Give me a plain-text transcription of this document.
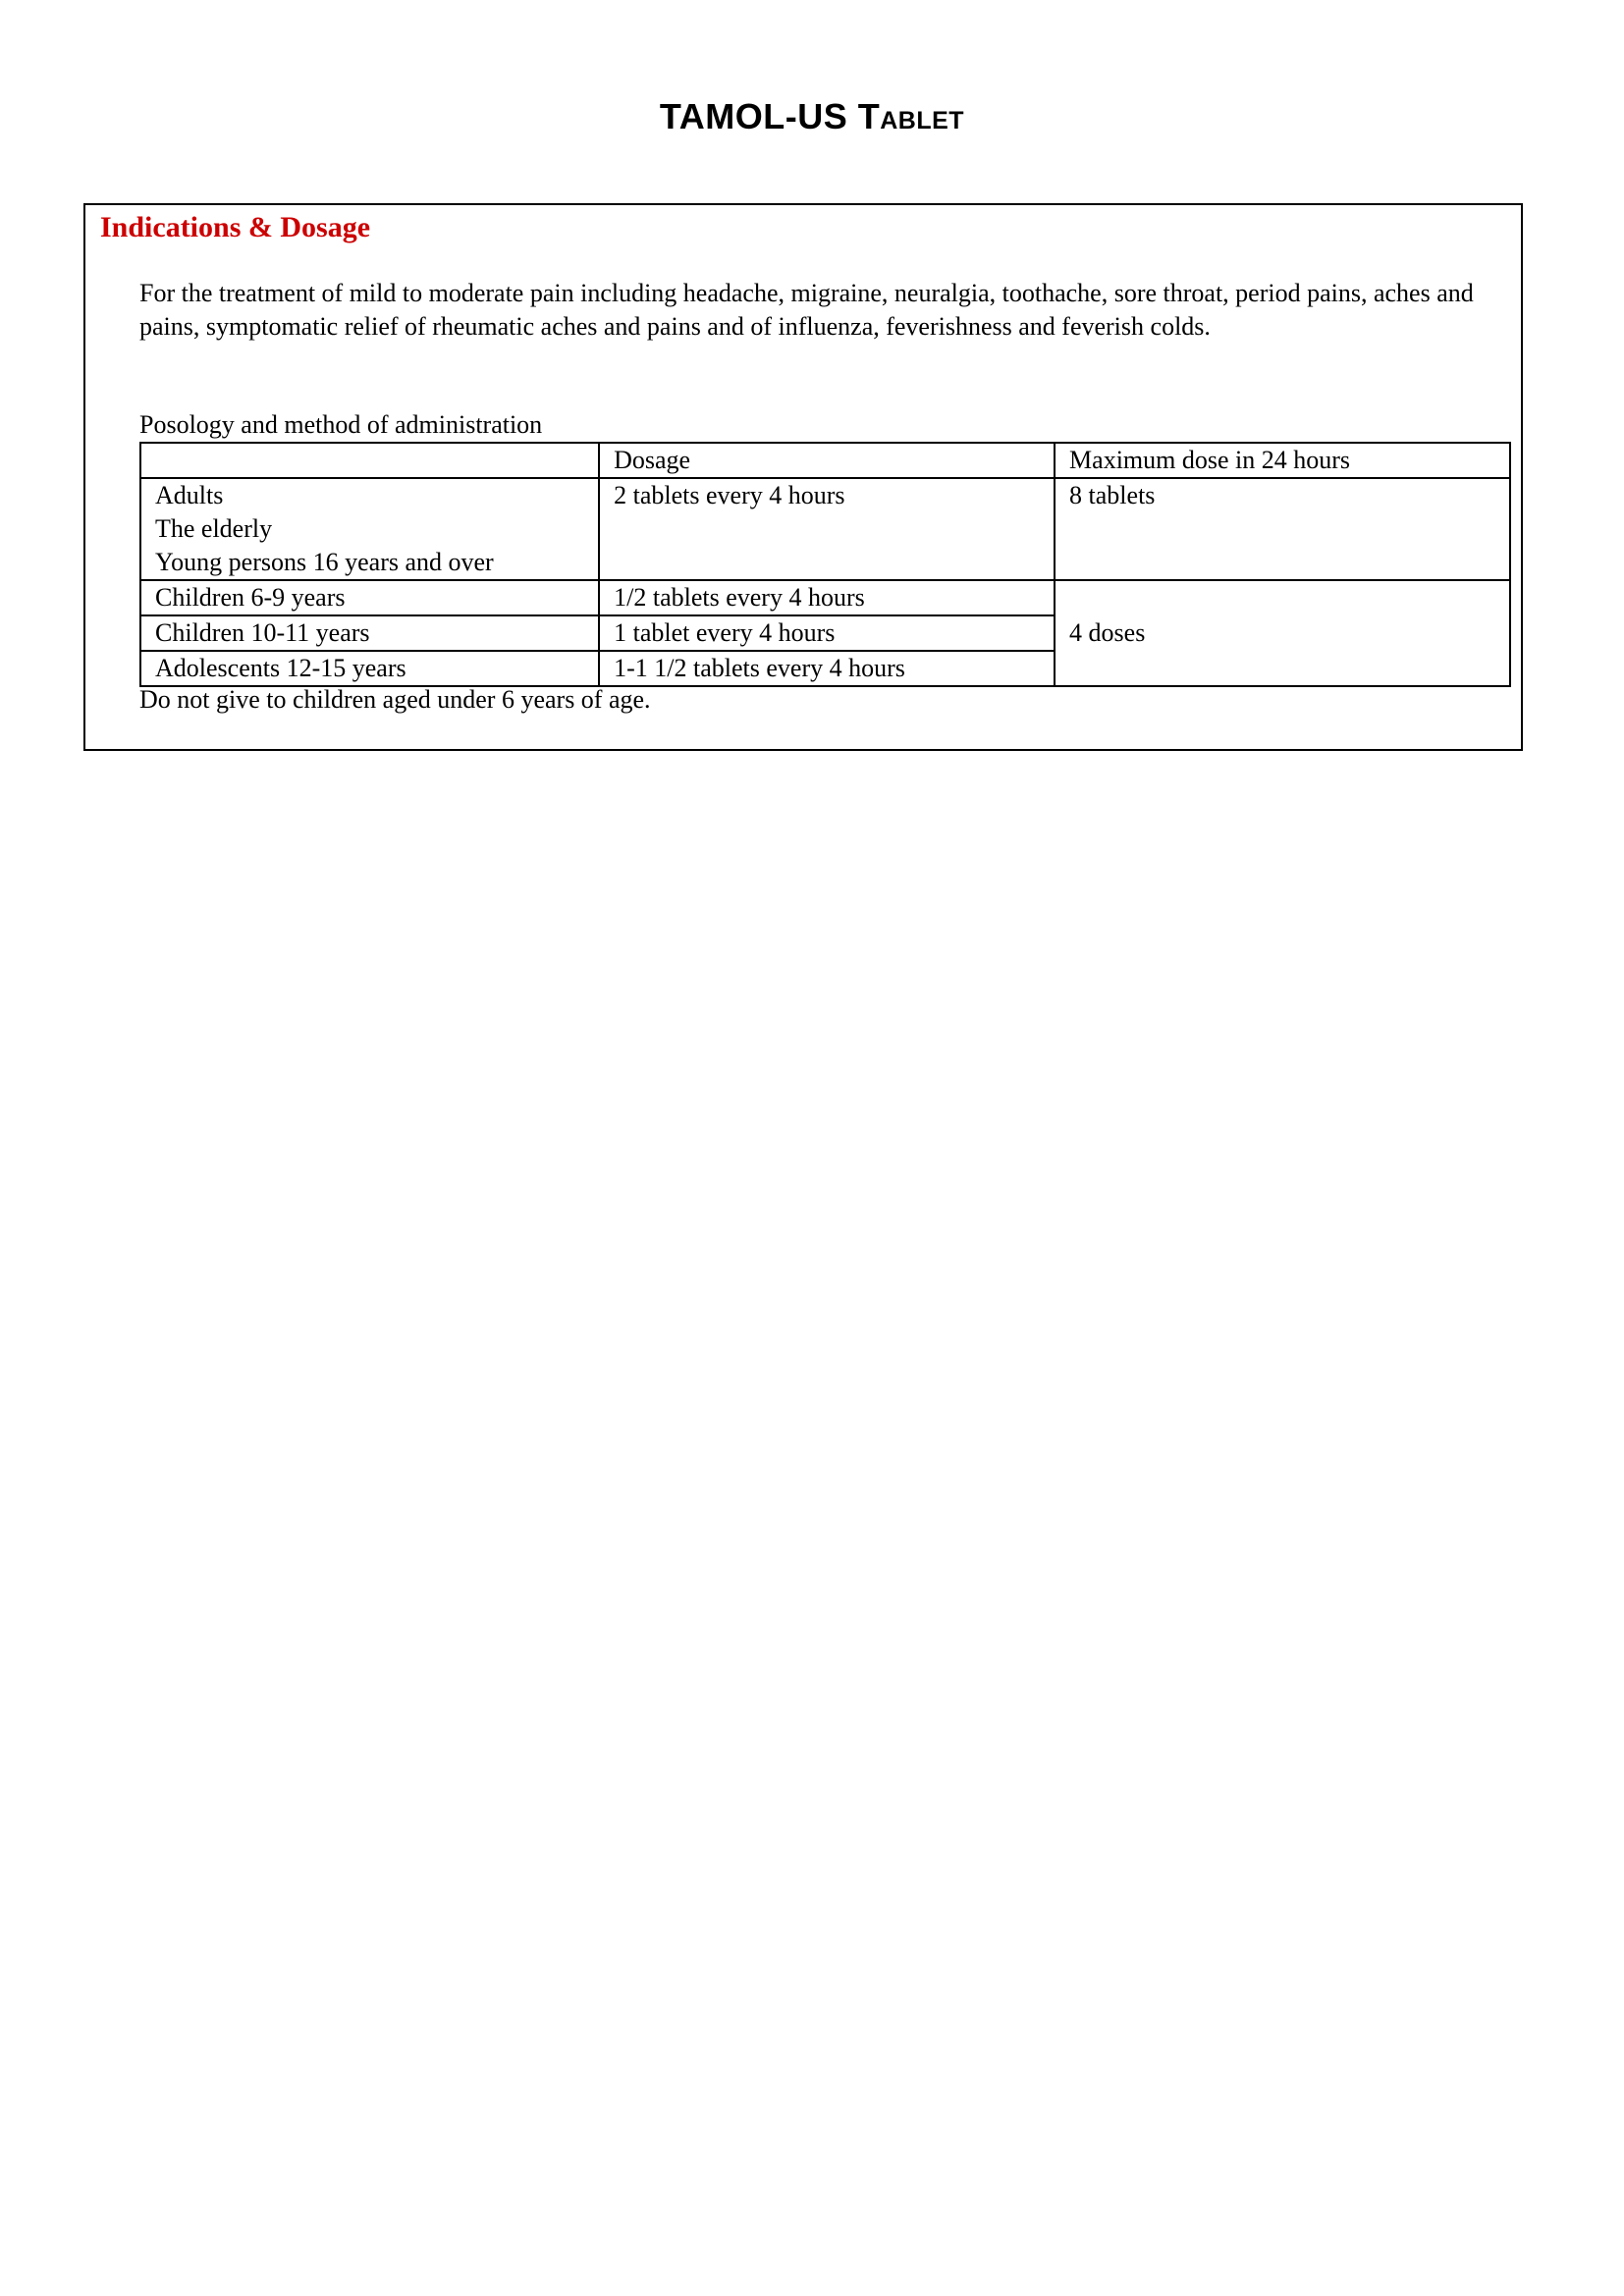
TAMOL-US Tablet
Indications & Dosage
For the treatment of mild to moderate pain including headache, migraine, neuralgia, toothache, sore throat, period pains, aches and pains, symptomatic relief of rheumatic aches and pains and of influenza, feverishness and feverish colds.
Posology and method of administration
	Dosage	Maximum dose in 24 hours

Adults
The elderly
Young persons 16 years and over	2 tablets every 4 hours	8 tablets
Children 6-9 years	1/2 tablets every 4 hours	4 doses
Children 10-11 years	1 tablet every 4 hours	
Adolescents 12-15 years	1-1 1/2 tablets every 4 hours	
Do not give to children aged under 6 years of age.
